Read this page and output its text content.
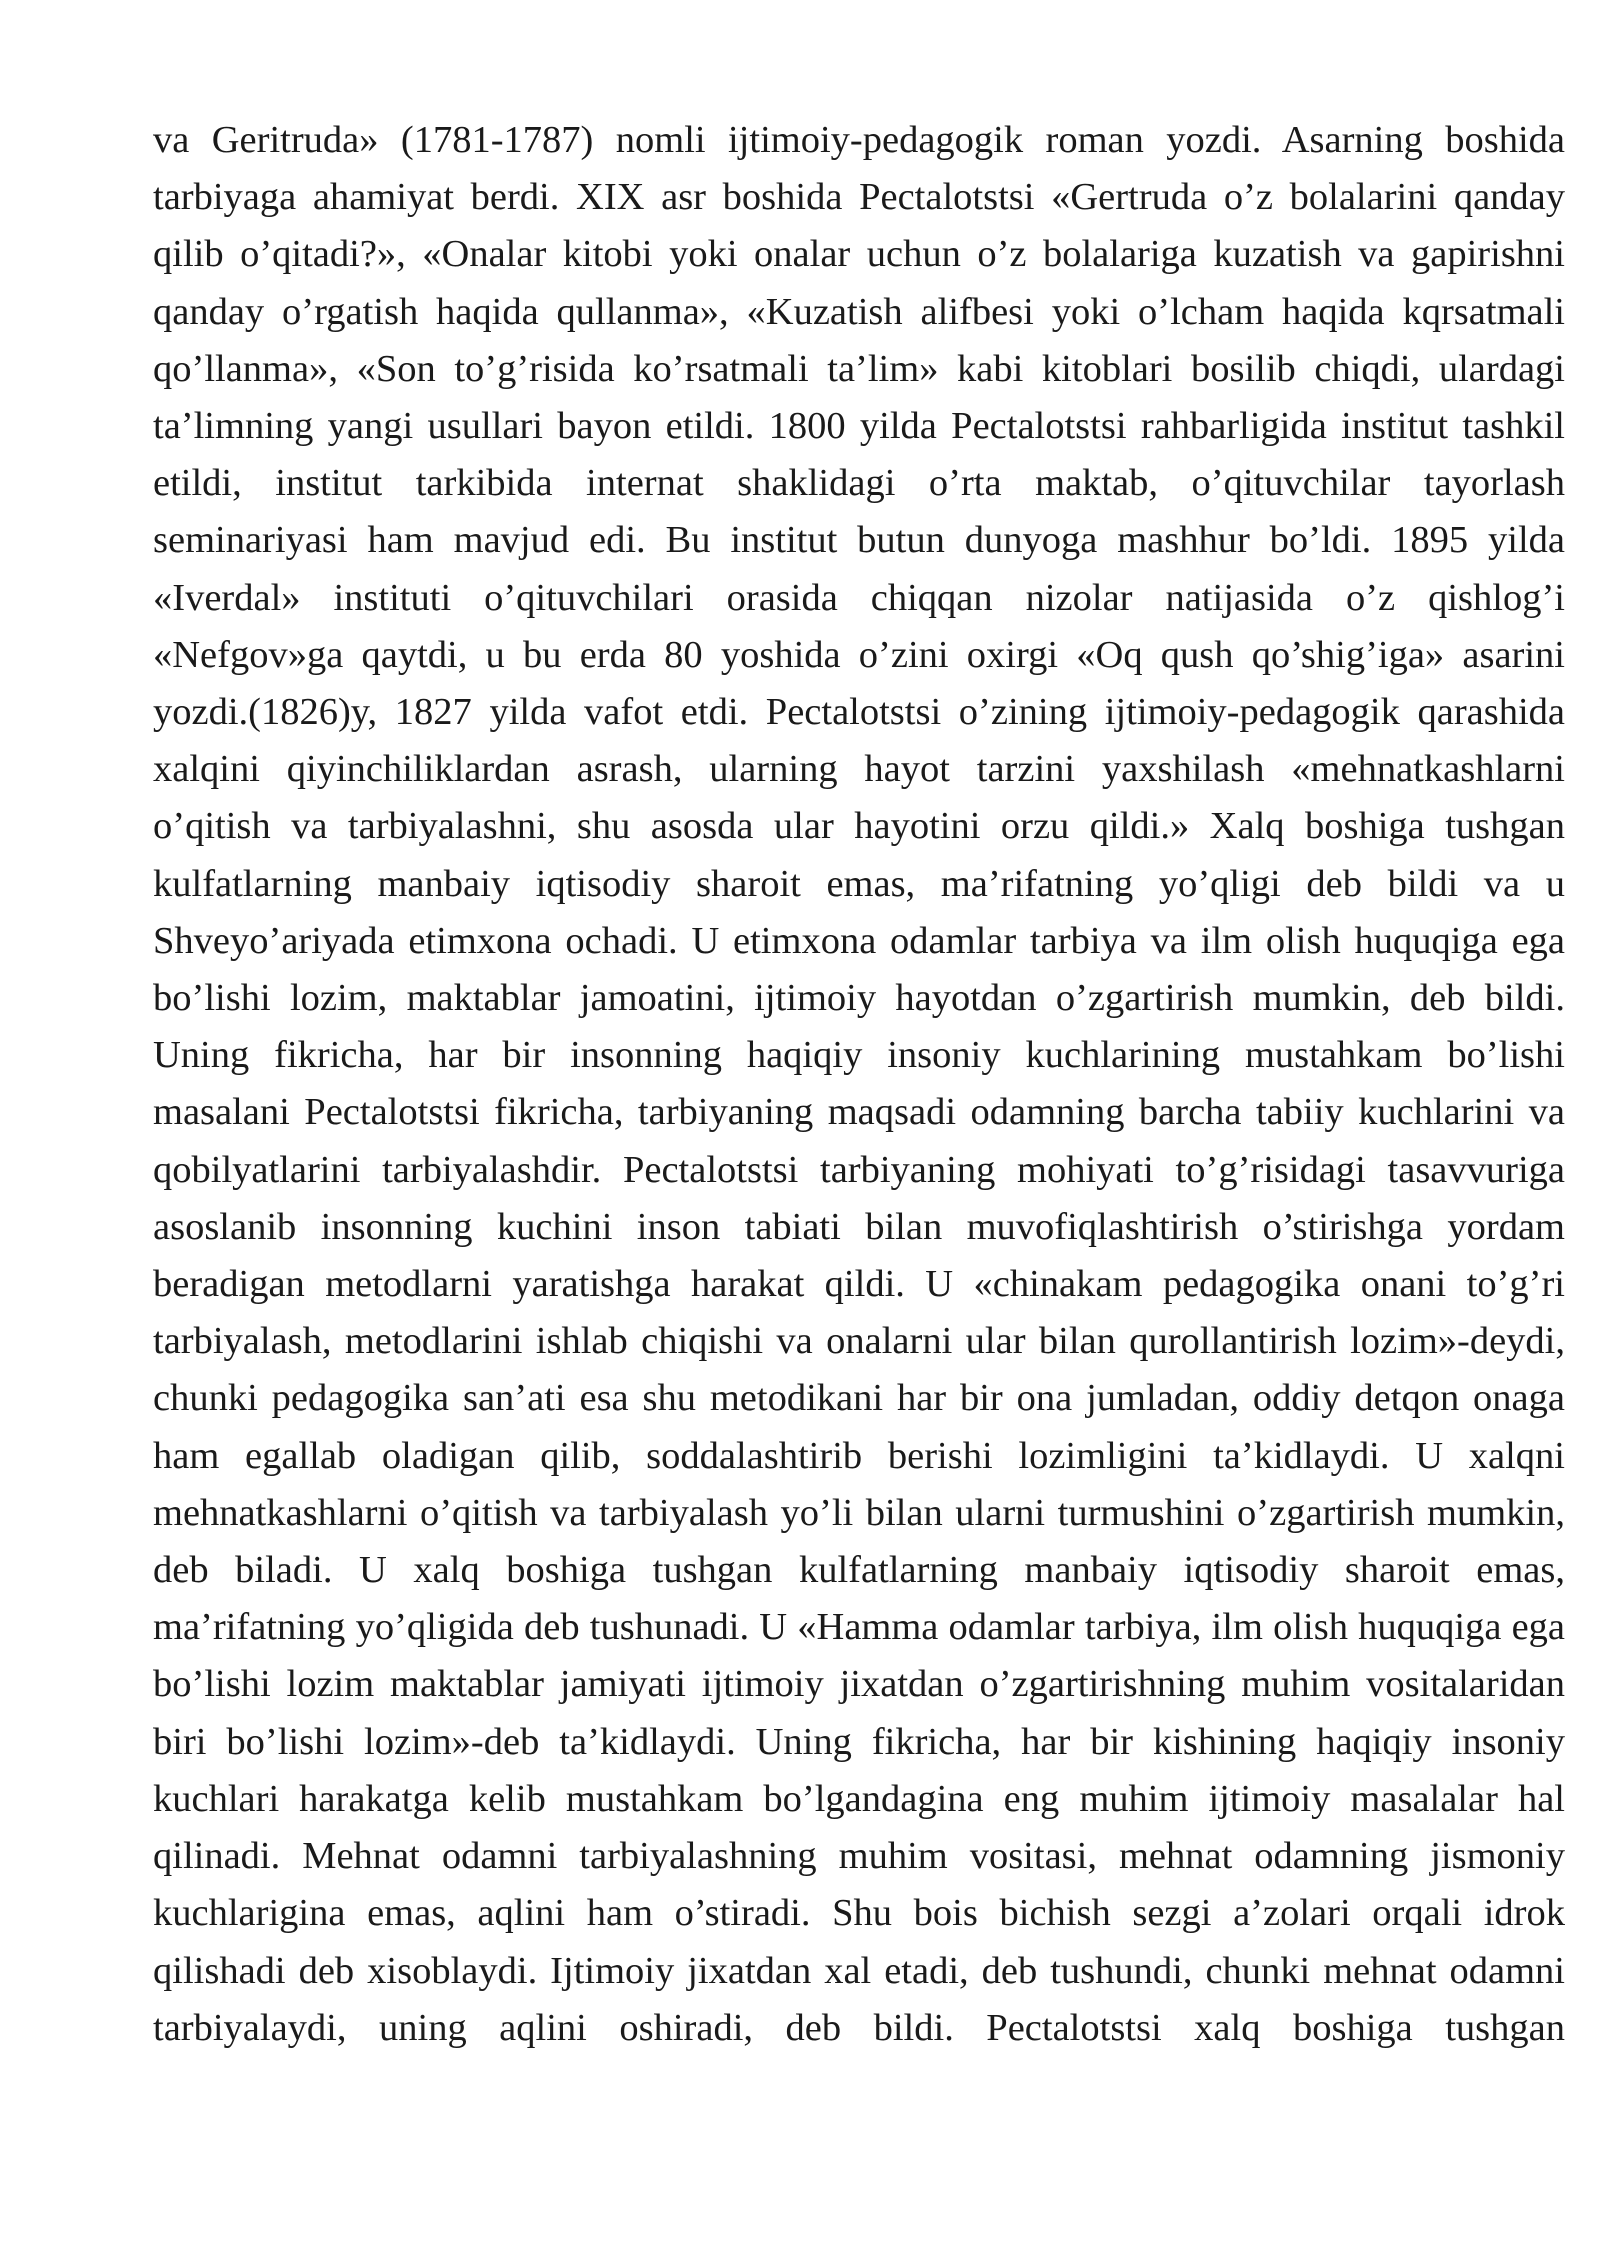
va Geritruda» (1781-1787) nomli ijtimoiy-pedagogik roman yozdi. Asarning boshida tarbiyaga ahamiyat berdi. XIX asr boshida Pectalotstsi «Gertruda o’z bolalarini qanday qilib o’qitadi?», «Onalar kitobi yoki onalar uchun o’z bolalariga kuzatish va gapirishni qanday o’rgatish haqida qullanma», «Kuzatish alifbesi yoki o’lcham haqida kqrsatmali qo’llanma», «Son to’g’risida ko’rsatmali ta’lim» kabi kitoblari bosilib chiqdi, ulardagi ta’limning yangi usullari bayon etildi. 1800 yilda Pectalotstsi rahbarligida institut tashkil etildi, institut tarkibida internat shaklidagi o’rta maktab, o’qituvchilar tayorlash seminariyasi ham mavjud edi. Bu institut butun dunyoga mashhur bo’ldi. 1895 yilda «Iverdal» instituti o’qituvchilari orasida chiqqan nizolar natijasida o’z qishlog’i «Nefgov»ga qaytdi, u bu erda 80 yoshida o’zini oxirgi «Oq qush qo’shig’iga» asarini yozdi.(1826)y, 1827 yilda vafot etdi. Pectalotstsi o’zining ijtimoiy-pedagogik qarashida xalqini qiyinchiliklardan asrash, ularning hayot tarzini yaxshilash «mehnatkashlarni o’qitish va tarbiyalashni, shu asosda ular hayotini orzu qildi.» Xalq boshiga tushgan kulfatlarning manbaiy iqtisodiy sharoit emas, ma’rifatning yo’qligi deb bildi va u Shveyo’ariyada etimxona ochadi. U etimxona odamlar tarbiya va ilm olish huquqiga ega bo’lishi lozim, maktablar jamoatini, ijtimoiy hayotdan o’zgartirish mumkin, deb bildi. Uning fikricha, har bir insonning haqiqiy insoniy kuchlarining mustahkam bo’lishi masalani Pectalotstsi fikricha, tarbiyaning maqsadi odamning barcha tabiiy kuchlarini va qobilyatlarini tarbiyalashdir. Pectalotstsi tarbiyaning mohiyati to’g’risidagi tasavvuriga asoslanib insonning kuchini inson tabiati bilan muvofiqlashtirish o’stirishga yordam beradigan metodlarni yaratishga harakat qildi. U «chinakam pedagogika onani to’g’ri tarbiyalash, metodlarini ishlab chiqishi va onalarni ular bilan qurollantirish lozim»-deydi, chunki pedagogika san’ati esa shu metodikani har bir ona jumladan, oddiy detqon onaga ham egallab oladigan qilib, soddalashtirib berishi lozimligini ta’kidlaydi. U xalqni mehnatkashlarni o’qitish va tarbiyalash yo’li bilan ularni turmushini o’zgartirish mumkin, deb biladi. U xalq boshiga tushgan kulfatlarning manbaiy iqtisodiy sharoit emas, ma’rifatning yo’qligida deb tushunadi. U «Hamma odamlar tarbiya, ilm olish huquqiga ega bo’lishi lozim maktablar jamiyati ijtimoiy jixatdan o’zgartirishning muhim vositalaridan biri bo’lishi lozim»-deb ta’kidlaydi. Uning fikricha, har bir kishining haqiqiy insoniy kuchlari harakatga kelib mustahkam bo’lgandagina eng muhim ijtimoiy masalalar hal qilinadi. Mehnat odamni tarbiyalashning muhim vositasi, mehnat odamning jismoniy kuchlarigina emas, aqlini ham o’stiradi. Shu bois bichish sezgi a’zolari orqali idrok qilishadi deb xisoblaydi. Ijtimoiy jixatdan xal etadi, deb tushundi, chunki mehnat odamni tarbiyalaydi, uning aqlini oshiradi, deb bildi. Pectalotstsi xalq boshiga tushgan
